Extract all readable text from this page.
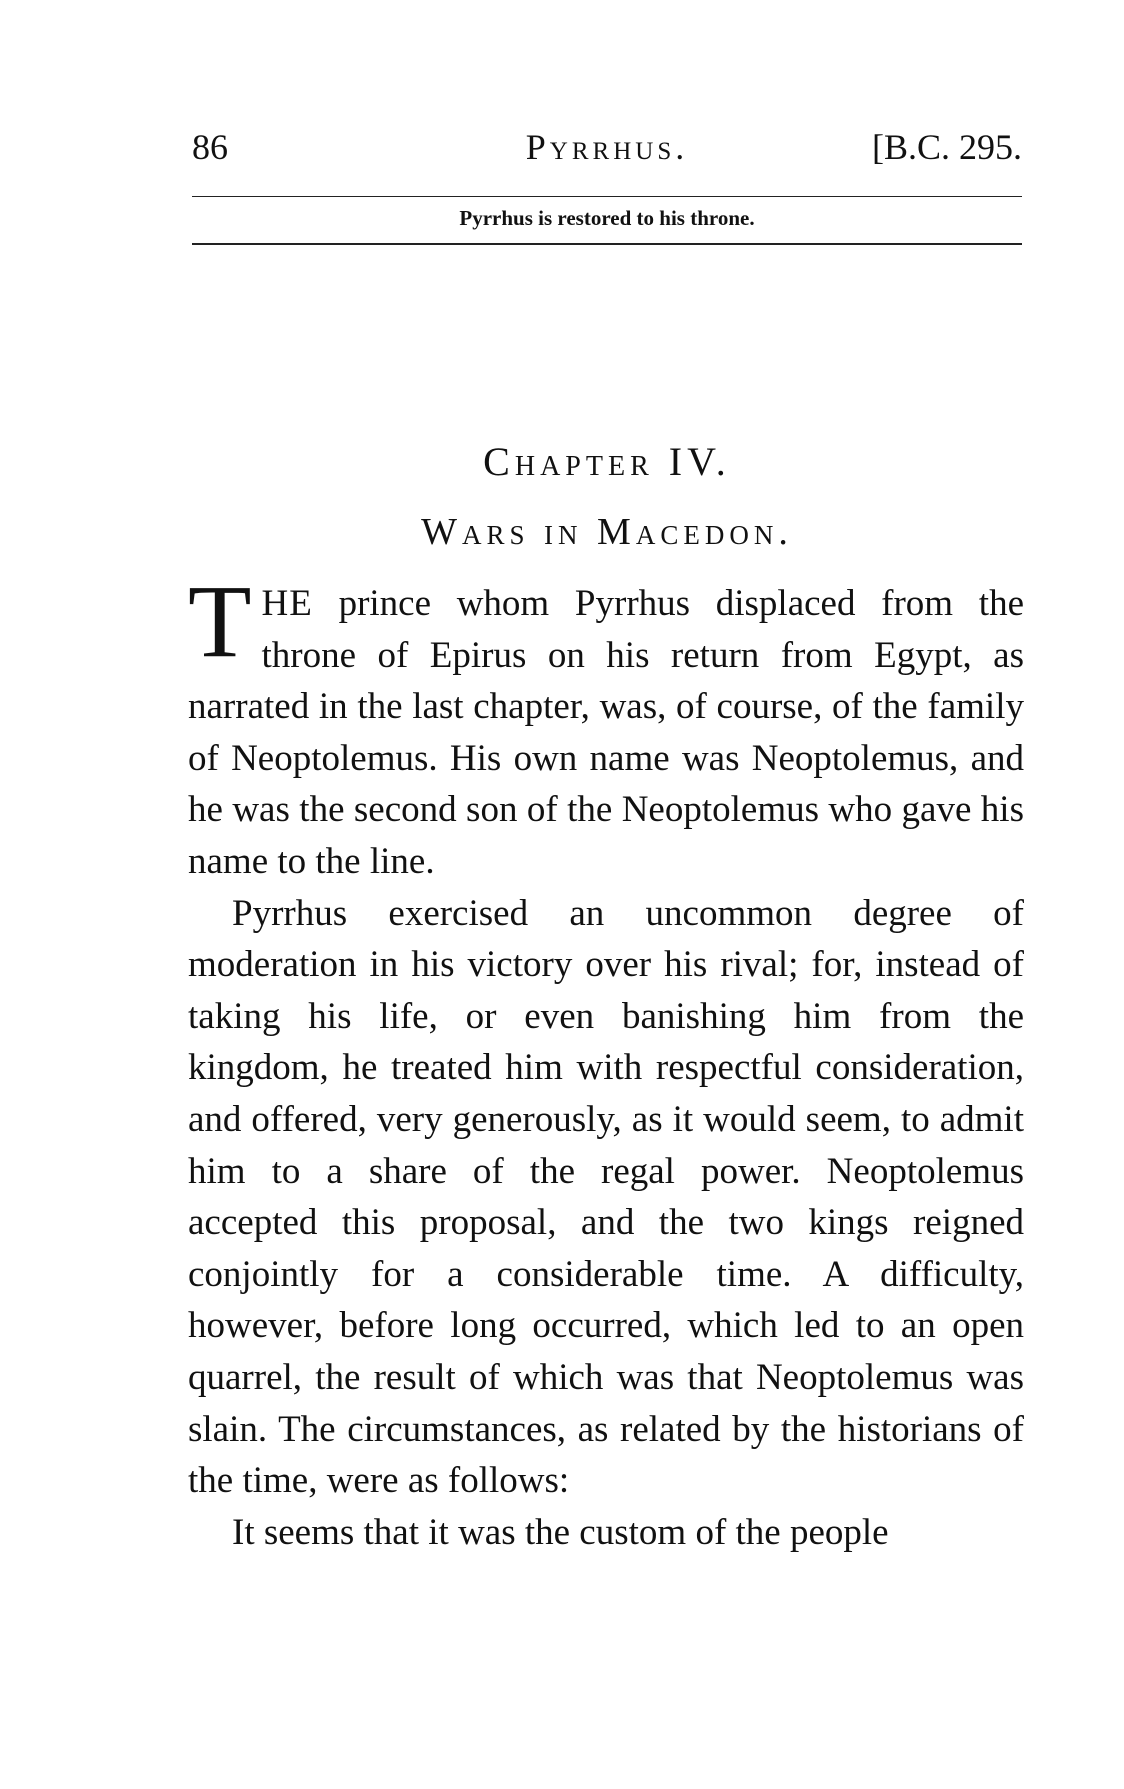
86	Pyrrhus.	[B.C. 295.
Pyrrhus is restored to his throne.
Chapter IV.
Wars in Macedon.

THE prince whom Pyrrhus displaced from the throne of Epirus on his return from Egypt, as narrated in the last chapter, was, of course, of the family of Neoptolemus. His own name was Neoptolemus, and he was the second son of the Neoptolemus who gave his name to the line.

Pyrrhus exercised an uncommon degree of moderation in his victory over his rival; for, instead of taking his life, or even banishing him from the kingdom, he treated him with respectful consideration, and offered, very generously, as it would seem, to admit him to a share of the regal power. Neoptolemus accepted this proposal, and the two kings reigned conjointly for a considerable time. A difficulty, however, before long occurred, which led to an open quarrel, the result of which was that Neoptolemus was slain. The circumstances, as related by the historians of the time, were as follows:

It seems that it was the custom of the people
